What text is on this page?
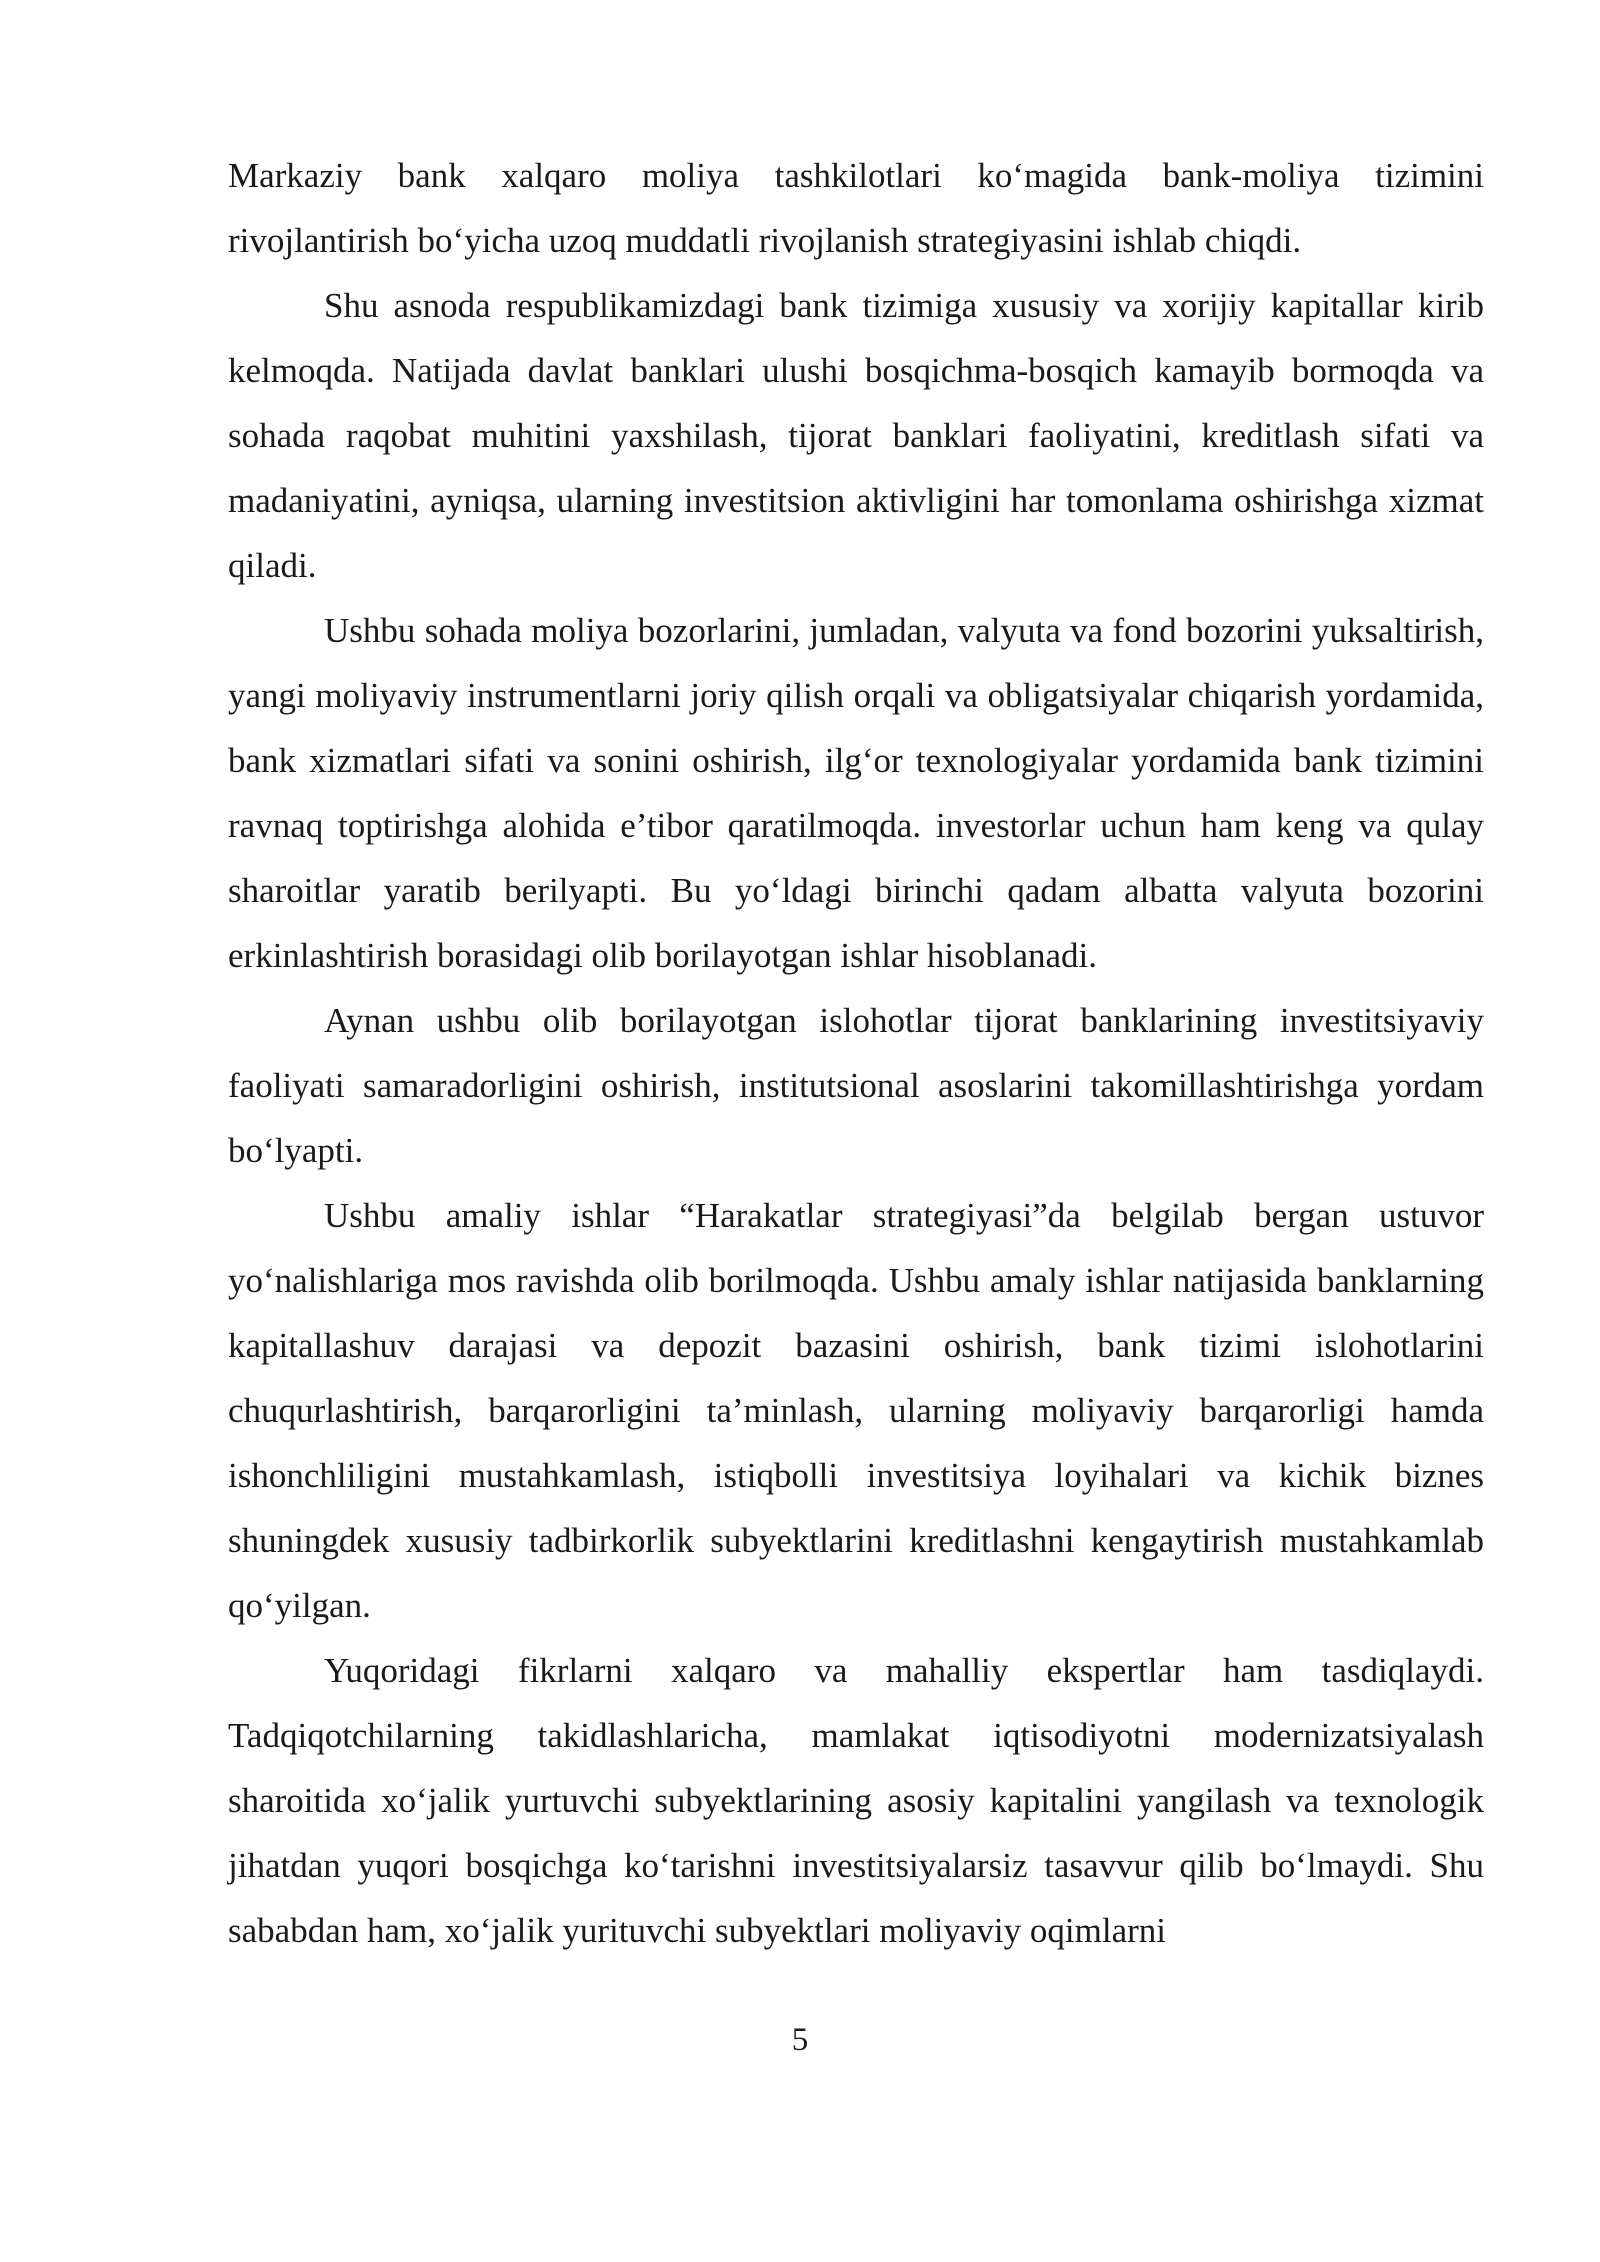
Markaziy bank xalqaro moliya tashkilotlari ko‘magida bank-moliya tizimini rivojlantirish bo‘yicha uzoq muddatli rivojlanish strategiyasini ishlab chiqdi.

Shu asnoda respublikamizdagi bank tizimiga xususiy va xorijiy kapitallar kirib kelmoqda. Natijada davlat banklari ulushi bosqichma-bosqich kamayib bormoqda va sohada raqobat muhitini yaxshilash, tijorat banklari faoliyatini, kreditlash sifati va madaniyatini, ayniqsa, ularning investitsion aktivligini har tomonlama oshirishga xizmat qiladi.

Ushbu sohada moliya bozorlarini, jumladan, valyuta va fond bozorini yuksaltirish, yangi moliyaviy instrumentlarni joriy qilish orqali va obligatsiyalar chiqarish yordamida, bank xizmatlari sifati va sonini oshirish, ilg‘or texnologiyalar yordamida bank tizimini ravnaq toptirishga alohida e’tibor qaratilmoqda. investorlar uchun ham keng va qulay sharoitlar yaratib berilyapti. Bu yo‘ldagi birinchi qadam albatta valyuta bozorini erkinlashtirish borasidagi olib borilayotgan ishlar hisoblanadi.

Aynan ushbu olib borilayotgan islohotlar tijorat banklarining investitsiyaviy faoliyati samaradorligini oshirish, institutsional asoslarini takomillashtirishga yordam bo‘lyapti.

Ushbu amaliy ishlar “Harakatlar strategiyasi”da belgilab bergan ustuvor yo‘nalishlariga mos ravishda olib borilmoqda. Ushbu amaly ishlar natijasida banklarning kapitallashuv darajasi va depozit bazasini oshirish, bank tizimi islohotlarini chuqurlashtirish, barqarorligini ta’minlash, ularning moliyaviy barqarorligi hamda ishonchliligini mustahkamlash, istiqbolli investitsiya loyihalari va kichik biznes shuningdek xususiy tadbirkorlik subyektlarini kreditlashni kengaytirish mustahkamlab qo‘yilgan.

Yuqoridagi fikrlarni xalqaro va mahalliy ekspertlar ham tasdiqlaydi. Tadqiqotchilarning takidlashlaricha, mamlakat iqtisodiyotni modernizatsiyalash sharoitida xo‘jalik yurtuvchi subyektlarining asosiy kapitalini yangilash va texnologik jihatdan yuqori bosqichga ko‘tarishni investitsiyalarsiz tasavvur qilib bo‘lmaydi. Shu sababdan ham, xo‘jalik yurituvchi subyektlari moliyaviy oqimlarni

5
